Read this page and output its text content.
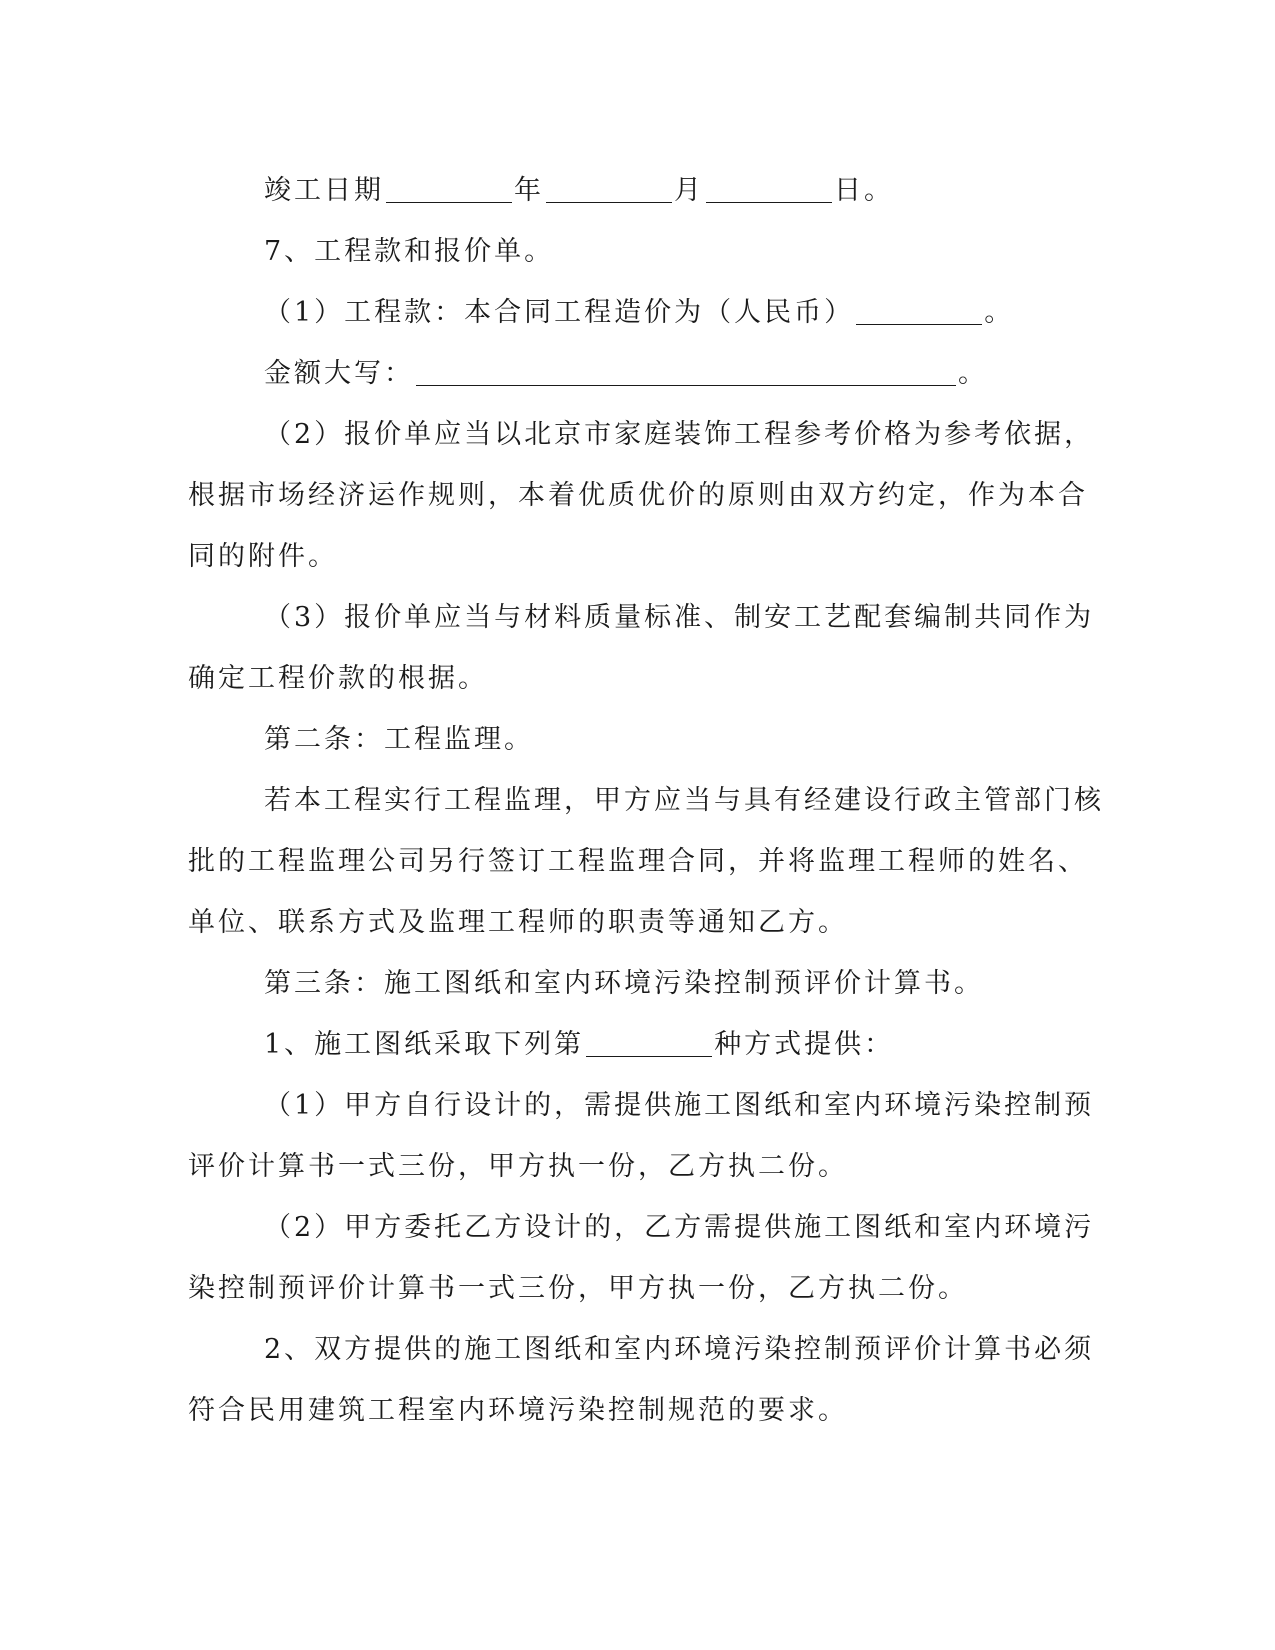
竣工日期	年	月	日。
7、工程款和报价单。
（1）工程款：本合同工程造价为（人民币）	。
金额大写：	。
（2）报价单应当以北京市家庭装饰工程参考价格为参考依据，
根据市场经济运作规则，本着优质优价的原则由双方约定，作为本合
同的附件。
（3）报价单应当与材料质量标准、制安工艺配套编制共同作为
确定工程价款的根据。
第二条：工程监理。
若本工程实行工程监理，甲方应当与具有经建设行政主管部门核
批的工程监理公司另行签订工程监理合同，并将监理工程师的姓名、
单位、联系方式及监理工程师的职责等通知乙方。
第三条：施工图纸和室内环境污染控制预评价计算书。
1、施工图纸采取下列第	种方式提供：
（1）甲方自行设计的，需提供施工图纸和室内环境污染控制预
评价计算书一式三份，甲方执一份，乙方执二份。
（2）甲方委托乙方设计的，乙方需提供施工图纸和室内环境污
染控制预评价计算书一式三份，甲方执一份，乙方执二份。
2、双方提供的施工图纸和室内环境污染控制预评价计算书必须
符合民用建筑工程室内环境污染控制规范的要求。
